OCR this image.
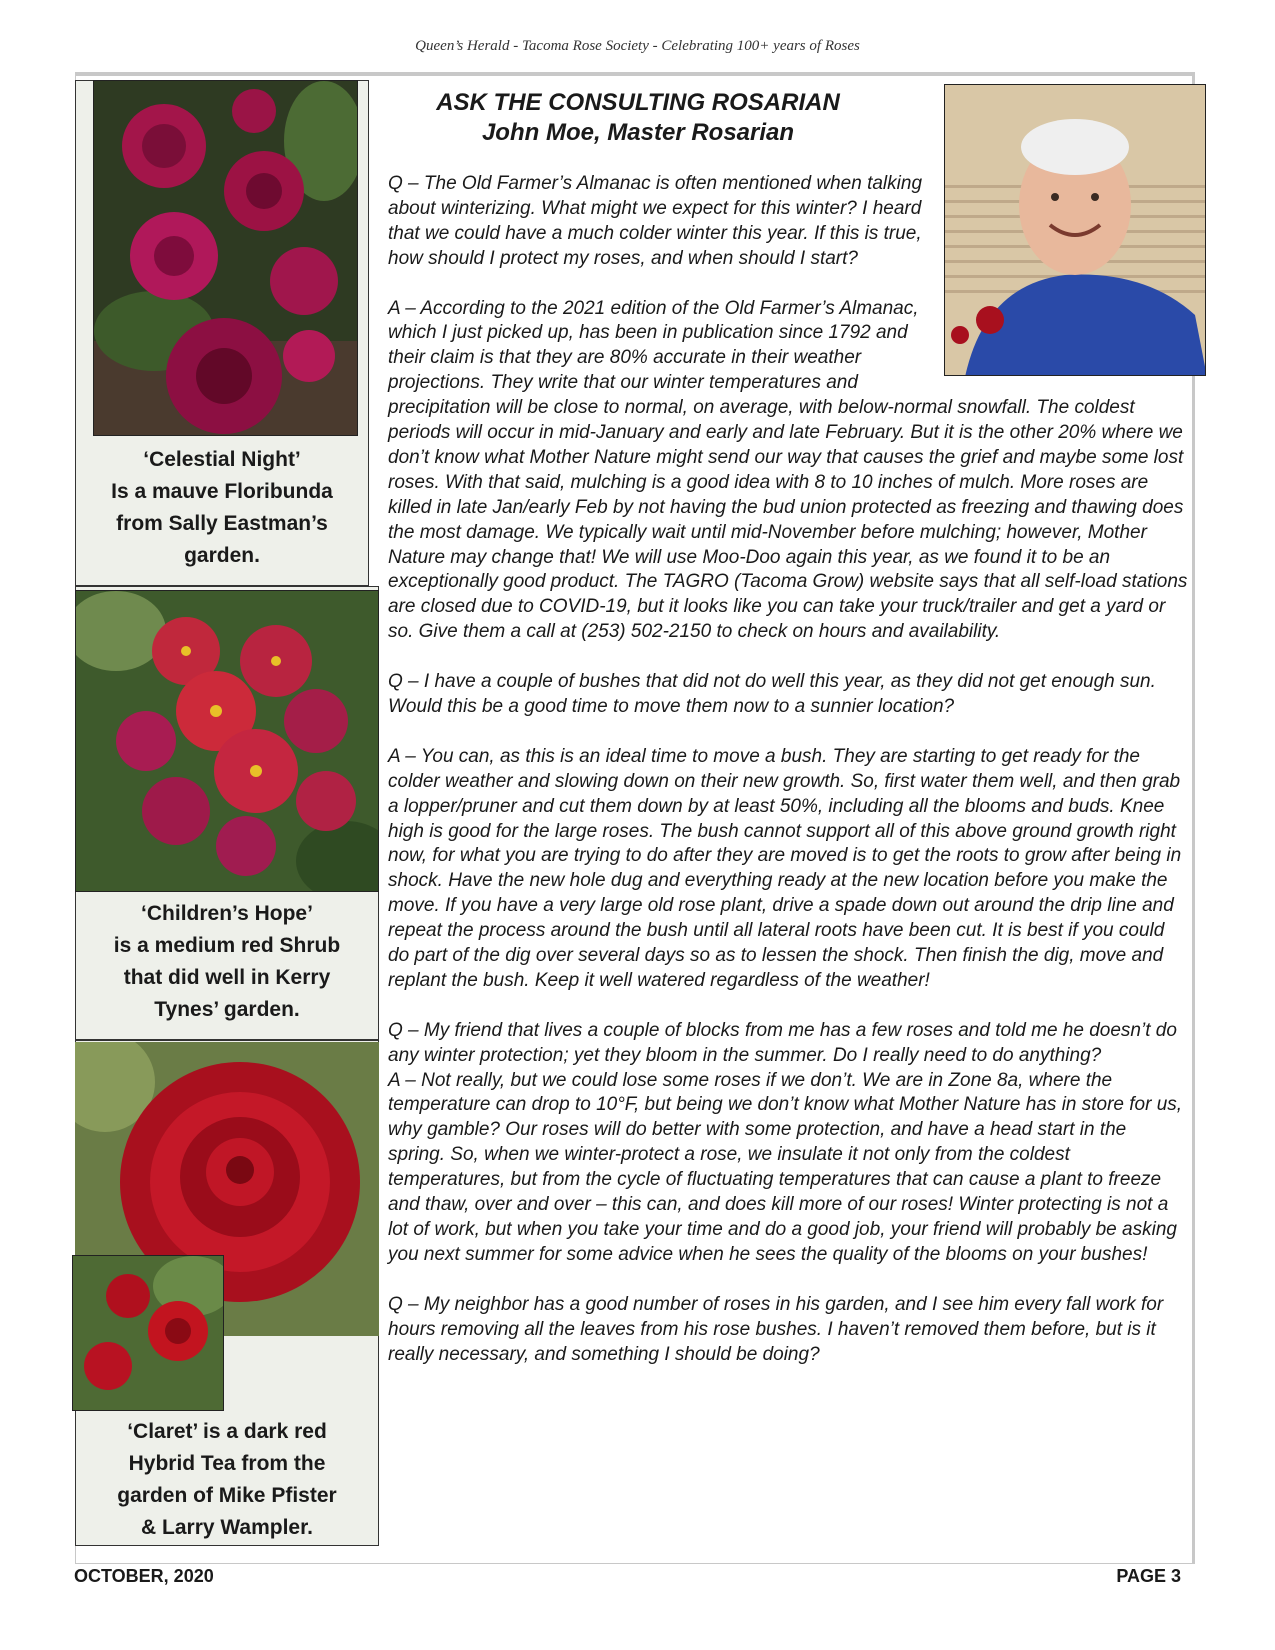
Queen’s Herald - Tacoma Rose Society - Celebrating 100+ years of Roses
‘Celestial Night’
Is a mauve Floribunda
from Sally Eastman’s
garden.
‘Children’s Hope’
is a medium red Shrub
that did well in Kerry
Tynes’ garden.
‘Claret’ is a dark red
Hybrid Tea from the
garden of Mike Pfister
& Larry Wampler.
ASK THE CONSULTING ROSARIAN
John Moe, Master Rosarian

Q – The Old Farmer’s Almanac is often mentioned when talking about winterizing. What might we expect for this winter? I heard that we could have a much colder winter this year. If this is true, how should I protect my roses, and when should I start?

A – According to the 2021 edition of the Old Farmer’s Almanac, which I just picked up, has been in publication since 1792 and their claim is that they are 80% accurate in their weather projections. They write that our winter temperatures and precipitation will be close to normal, on average, with below-normal snowfall. The coldest periods will occur in mid-January and early and late February. But it is the other 20% where we don’t know what Mother Nature might send our way that causes the grief and maybe some lost roses. With that said, mulching is a good idea with 8 to 10 inches of mulch. More roses are killed in late Jan/early Feb by not having the bud union protected as freezing and thawing does the most damage. We typically wait until mid-November before mulching; however, Mother Nature may change that! We will use Moo-Doo again this year, as we found it to be an exceptionally good product. The TAGRO (Tacoma Grow) website says that all self-load stations are closed due to COVID-19, but it looks like you can take your truck/trailer and get a yard or so. Give them a call at (253) 502-2150 to check on hours and availability.

Q – I have a couple of bushes that did not do well this year, as they did not get enough sun. Would this be a good time to move them now to a sunnier location?

A – You can, as this is an ideal time to move a bush. They are starting to get ready for the colder weather and slowing down on their new growth. So, first water them well, and then grab a lopper/pruner and cut them down by at least 50%, including all the blooms and buds. Knee high is good for the large roses. The bush cannot support all of this above ground growth right now, for what you are trying to do after they are moved is to get the roots to grow after being in shock. Have the new hole dug and everything ready at the new location before you make the move. If you have a very large old rose plant, drive a spade down out around the drip line and repeat the process around the bush until all lateral roots have been cut. It is best if you could do part of the dig over several days so as to lessen the shock. Then finish the dig, move and replant the bush. Keep it well watered regardless of the weather!

Q – My friend that lives a couple of blocks from me has a few roses and told me he doesn’t do any winter protection; yet they bloom in the summer. Do I really need to do anything?

A – Not really, but we could lose some roses if we don’t. We are in Zone 8a, where the temperature can drop to 10°F, but being we don’t know what Mother Nature has in store for us, why gamble? Our roses will do better with some protection, and have a head start in the spring. So, when we winter-protect a rose, we insulate it not only from the coldest temperatures, but from the cycle of fluctuating temperatures that can cause a plant to freeze and thaw, over and over – this can, and does kill more of our roses! Winter protecting is not a lot of work, but when you take your time and do a good job, your friend will probably be asking you next summer for some advice when he sees the quality of the blooms on your bushes!

Q – My neighbor has a good number of roses in his garden, and I see him every fall work for hours removing all the leaves from his rose bushes. I haven’t removed them before, but is it really necessary, and something I should be doing?

OCTOBER, 2020	PAGE 3
